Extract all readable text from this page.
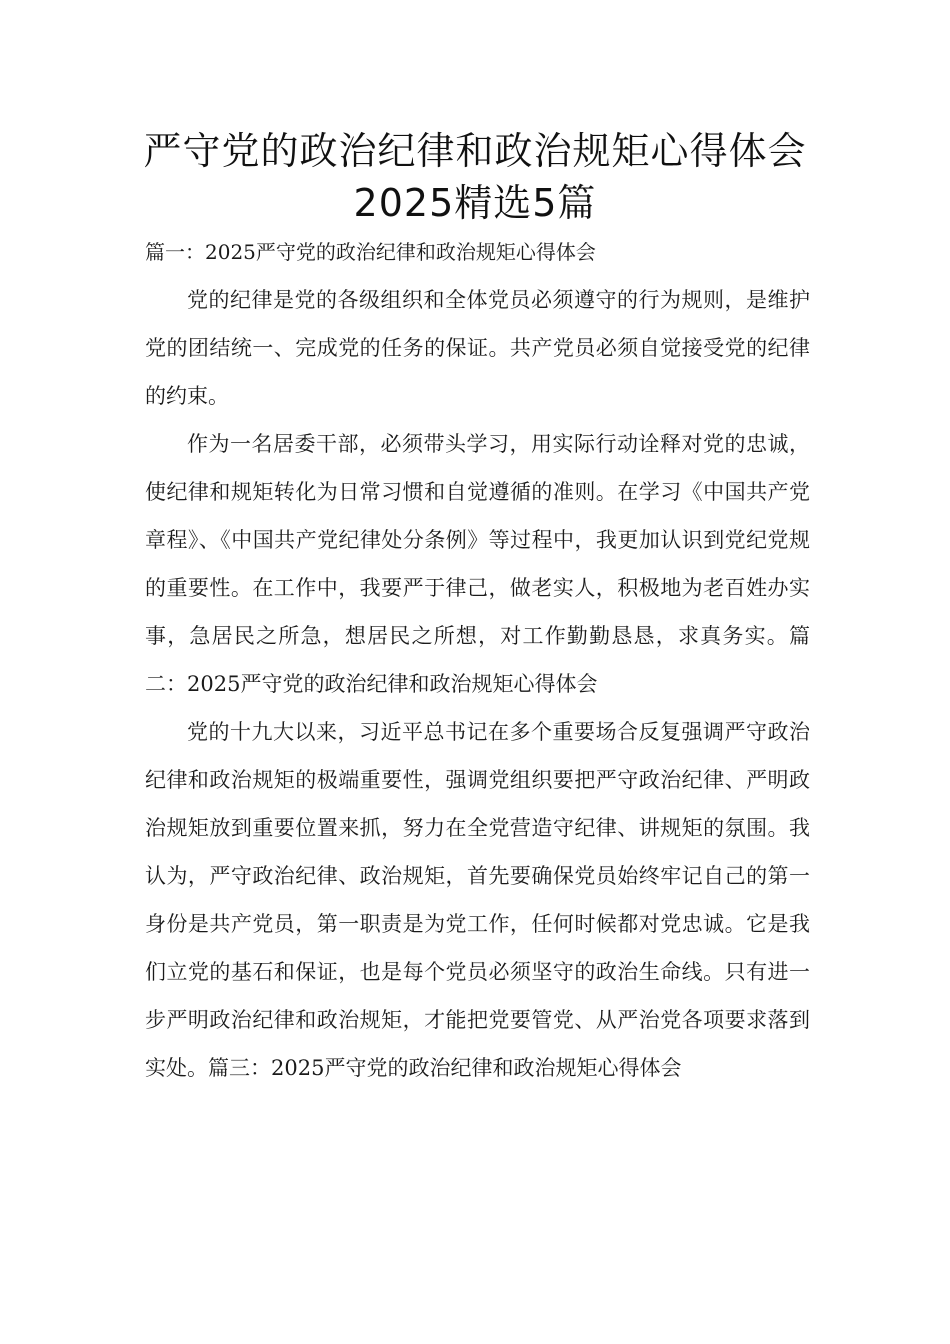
严守党的政治纪律和政治规矩心得体会
2025精选5篇
篇一：2025严守党的政治纪律和政治规矩心得体会

党的纪律是党的各级组织和全体党员必须遵守的行为规则，是维护党的团结统一、完成党的任务的保证。共产党员必须自觉接受党的纪律的约束。

作为一名居委干部，必须带头学习，用实际行动诠释对党的忠诚，使纪律和规矩转化为日常习惯和自觉遵循的准则。在学习《中国共产党章程》、《中国共产党纪律处分条例》等过程中，我更加认识到党纪党规的重要性。在工作中，我要严于律己，做老实人，积极地为老百姓办实事，急居民之所急，想居民之所想，对工作勤勤恳恳，求真务实。篇二：2025严守党的政治纪律和政治规矩心得体会

党的十九大以来，习近平总书记在多个重要场合反复强调严守政治纪律和政治规矩的极端重要性，强调党组织要把严守政治纪律、严明政治规矩放到重要位置来抓，努力在全党营造守纪律、讲规矩的氛围。我认为，严守政治纪律、政治规矩，首先要确保党员始终牢记自己的第一身份是共产党员，第一职责是为党工作，任何时候都对党忠诚。它是我们立党的基石和保证，也是每个党员必须坚守的政治生命线。只有进一步严明政治纪律和政治规矩，才能把党要管党、从严治党各项要求落到实处。篇三：2025严守党的政治纪律和政治规矩心得体会
